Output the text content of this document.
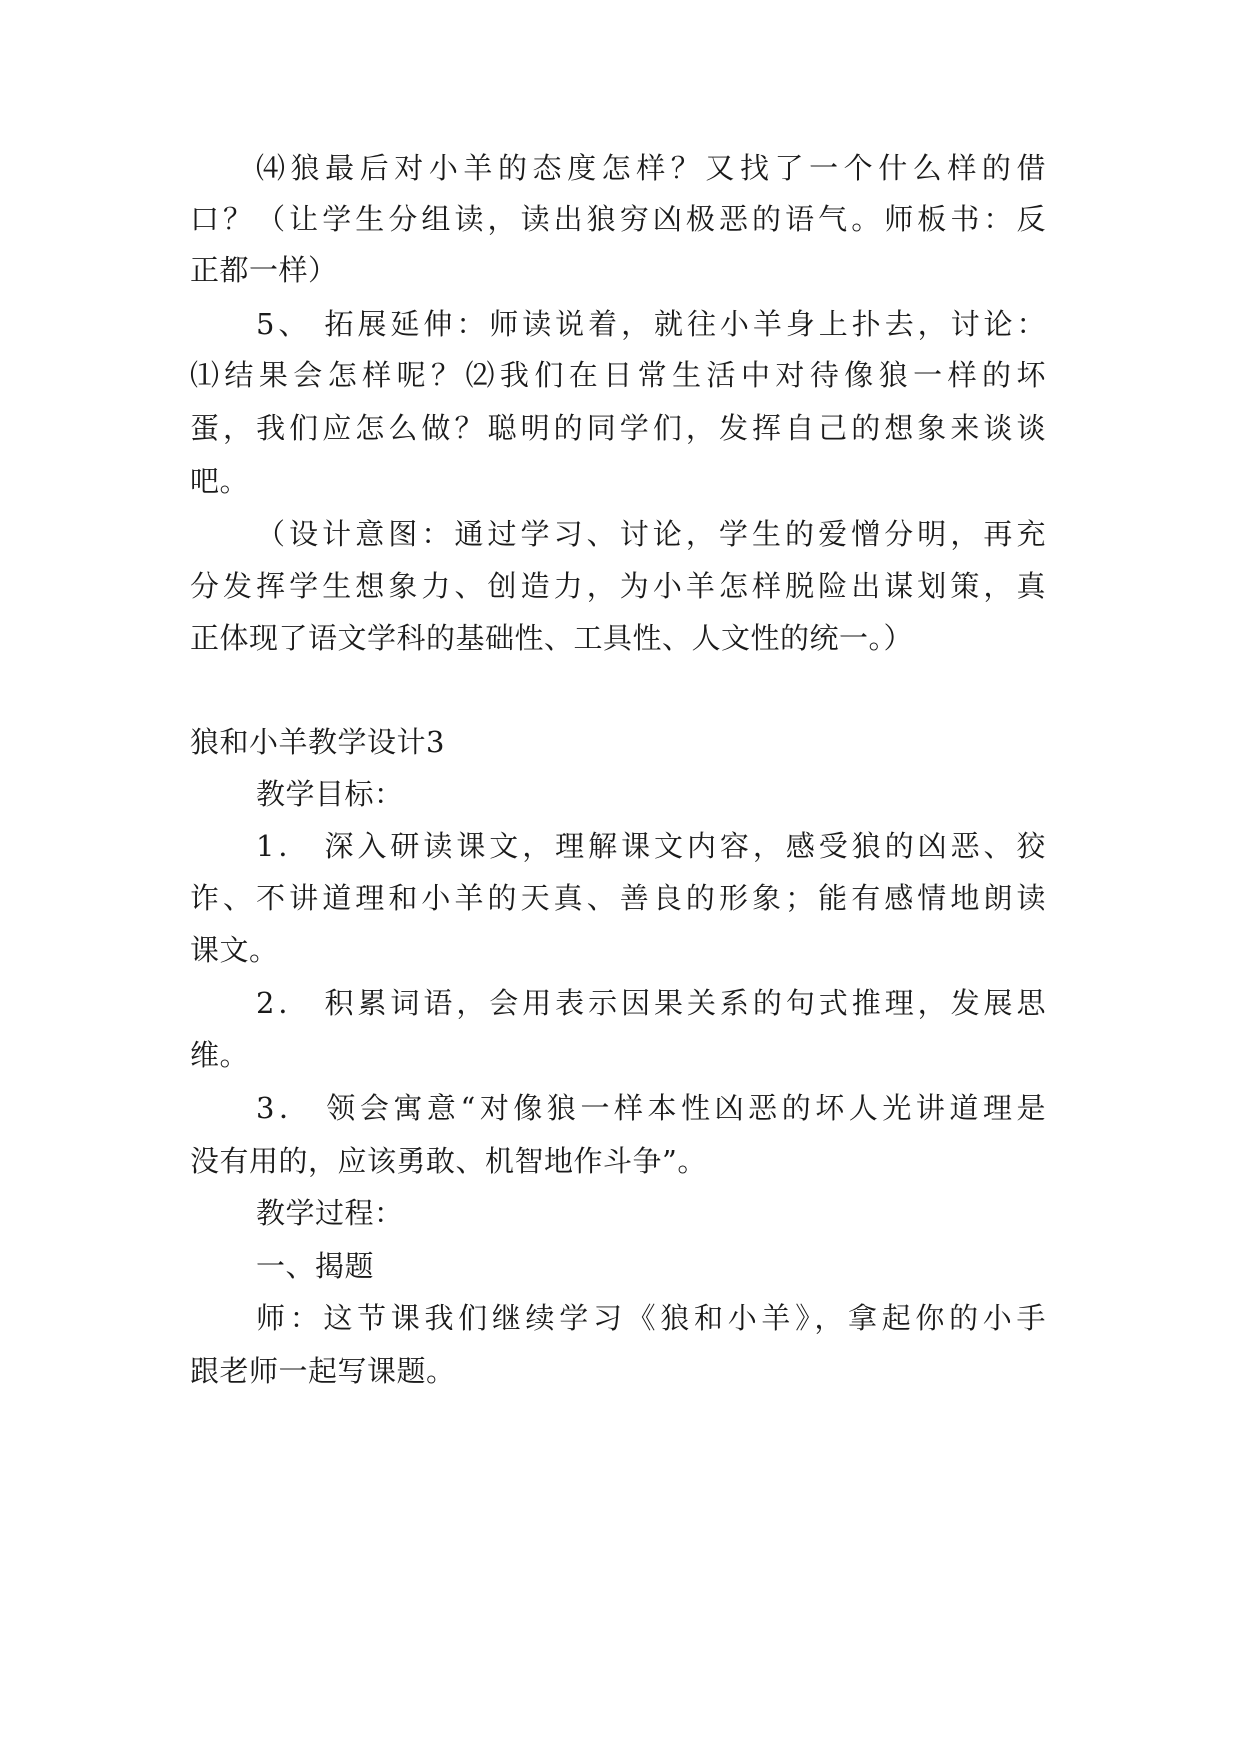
⑷狼最后对小羊的态度怎样？又找了一个什么样的借
口？（让学生分组读，读出狼穷凶极恶的语气。师板书：反
正都一样）
5、 拓展延伸：师读说着，就往小羊身上扑去，讨论：
⑴结果会怎样呢？⑵我们在日常生活中对待像狼一样的坏
蛋，我们应怎么做？聪明的同学们，发挥自己的想象来谈谈
吧。
（设计意图：通过学习、讨论，学生的爱憎分明，再充
分发挥学生想象力、创造力，为小羊怎样脱险出谋划策，真
正体现了语文学科的基础性、工具性、人文性的统一。）
狼和小羊教学设计3
教学目标：
1． 深入研读课文，理解课文内容，感受狼的凶恶、狡
诈、不讲道理和小羊的天真、善良的形象；能有感情地朗读
课文。
2． 积累词语，会用表示因果关系的句式推理，发展思
维。
3． 领会寓意“对像狼一样本性凶恶的坏人光讲道理是
没有用的，应该勇敢、机智地作斗争”。
教学过程：
一、揭题
师：这节课我们继续学习《狼和小羊》，拿起你的小手
跟老师一起写课题。
